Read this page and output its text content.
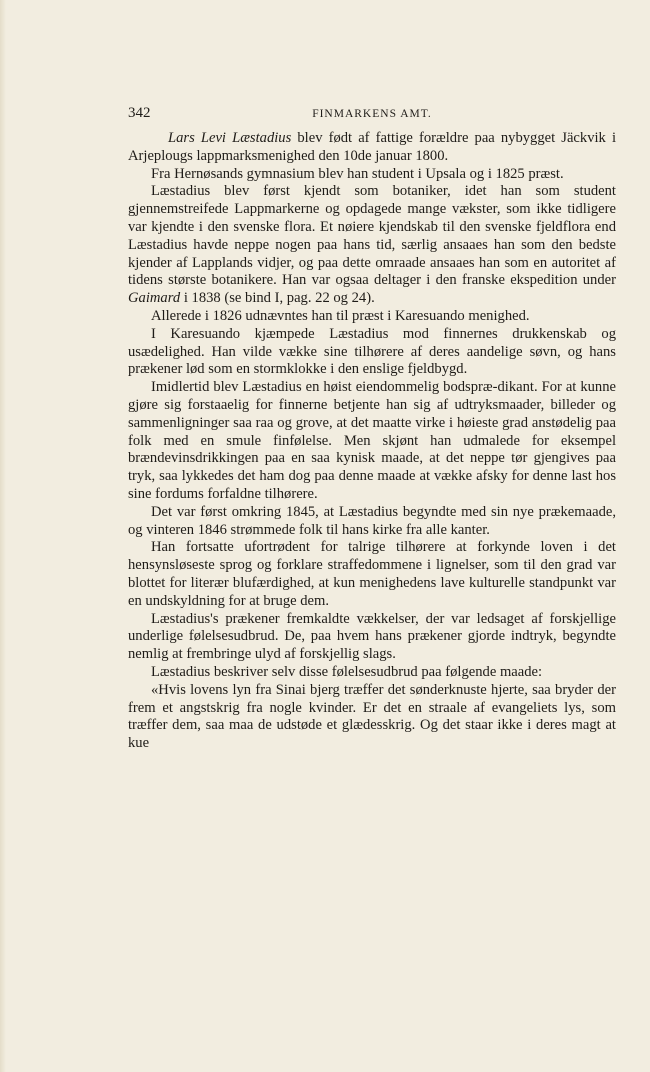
342	FINMARKENS AMT.

Lars Levi Læstadius blev født af fattige forældre paa nybygget Jäckvik i Arjeplougs lappmarksmenighed den 10de januar 1800.

Fra Hernøsands gymnasium blev han student i Upsala og i 1825 præst.

Læstadius blev først kjendt som botaniker, idet han som student gjennemstreifede Lappmarkerne og opdagede mange vækster, som ikke tidligere var kjendte i den svenske flora. Et nøiere kjendskab til den svenske fjeldflora end Læstadius havde neppe nogen paa hans tid, særlig ansaaes han som den bedste kjender af Lapplands vidjer, og paa dette omraade ansaaes han som en autoritet af tidens største botanikere. Han var ogsaa deltager i den franske ekspedition under Gaimard i 1838 (se bind I, pag. 22 og 24).

Allerede i 1826 udnævntes han til præst i Karesuando menighed.

I Karesuando kjæmpede Læstadius mod finnernes drukkenskab og usædelighed. Han vilde vække sine tilhørere af deres aandelige søvn, og hans prækener lød som en stormklokke i den enslige fjeldbygd.

Imidlertid blev Læstadius en høist eiendommelig bodspræ-dikant. For at kunne gjøre sig forstaaelig for finnerne betjente han sig af udtryksmaader, billeder og sammenligninger saa raa og grove, at det maatte virke i høieste grad anstødelig paa folk med en smule finfølelse. Men skjønt han udmalede for eksempel brændevinsdrikkingen paa en saa kynisk maade, at det neppe tør gjengives paa tryk, saa lykkedes det ham dog paa denne maade at vække afsky for denne last hos sine fordums forfaldne tilhørere.

Det var først omkring 1845, at Læstadius begyndte med sin nye prækemaade, og vinteren 1846 strømmede folk til hans kirke fra alle kanter.

Han fortsatte ufortrødent for talrige tilhørere at forkynde loven i det hensynsløseste sprog og forklare straffedommene i lignelser, som til den grad var blottet for literær blufærdighed, at kun menighedens lave kulturelle standpunkt var en undskyldning for at bruge dem.

Læstadius's prækener fremkaldte vækkelser, der var ledsaget af forskjellige underlige følelsesudbrud. De, paa hvem hans prækener gjorde indtryk, begyndte nemlig at frembringe ulyd af forskjellig slags.

Læstadius beskriver selv disse følelsesudbrud paa følgende maade:

«Hvis lovens lyn fra Sinai bjerg træffer det sønderknuste hjerte, saa bryder der frem et angstskrig fra nogle kvinder. Er det en straale af evangeliets lys, som træffer dem, saa maa de udstøde et glædesskrig. Og det staar ikke i deres magt at kue
